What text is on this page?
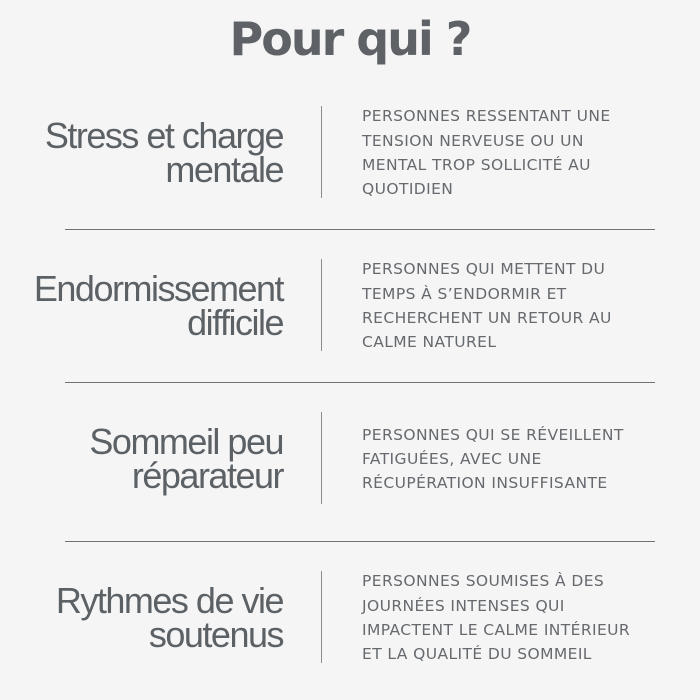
Pour qui ?
Stress et charge
mentale
PERSONNES RESSENTANT UNE
TENSION NERVEUSE OU UN
MENTAL TROP SOLLICITÉ AU
QUOTIDIEN
Endormissement
difficile
PERSONNES QUI METTENT DU
TEMPS À S’ENDORMIR ET
RECHERCHENT UN RETOUR AU
CALME NATUREL
Sommeil peu
réparateur
PERSONNES QUI SE RÉVEILLENT
FATIGUÉES, AVEC UNE
RÉCUPÉRATION INSUFFISANTE
Rythmes de vie
soutenus
PERSONNES SOUMISES À DES
JOURNÉES INTENSES QUI
IMPACTENT LE CALME INTÉRIEUR
ET LA QUALITÉ DU SOMMEIL
